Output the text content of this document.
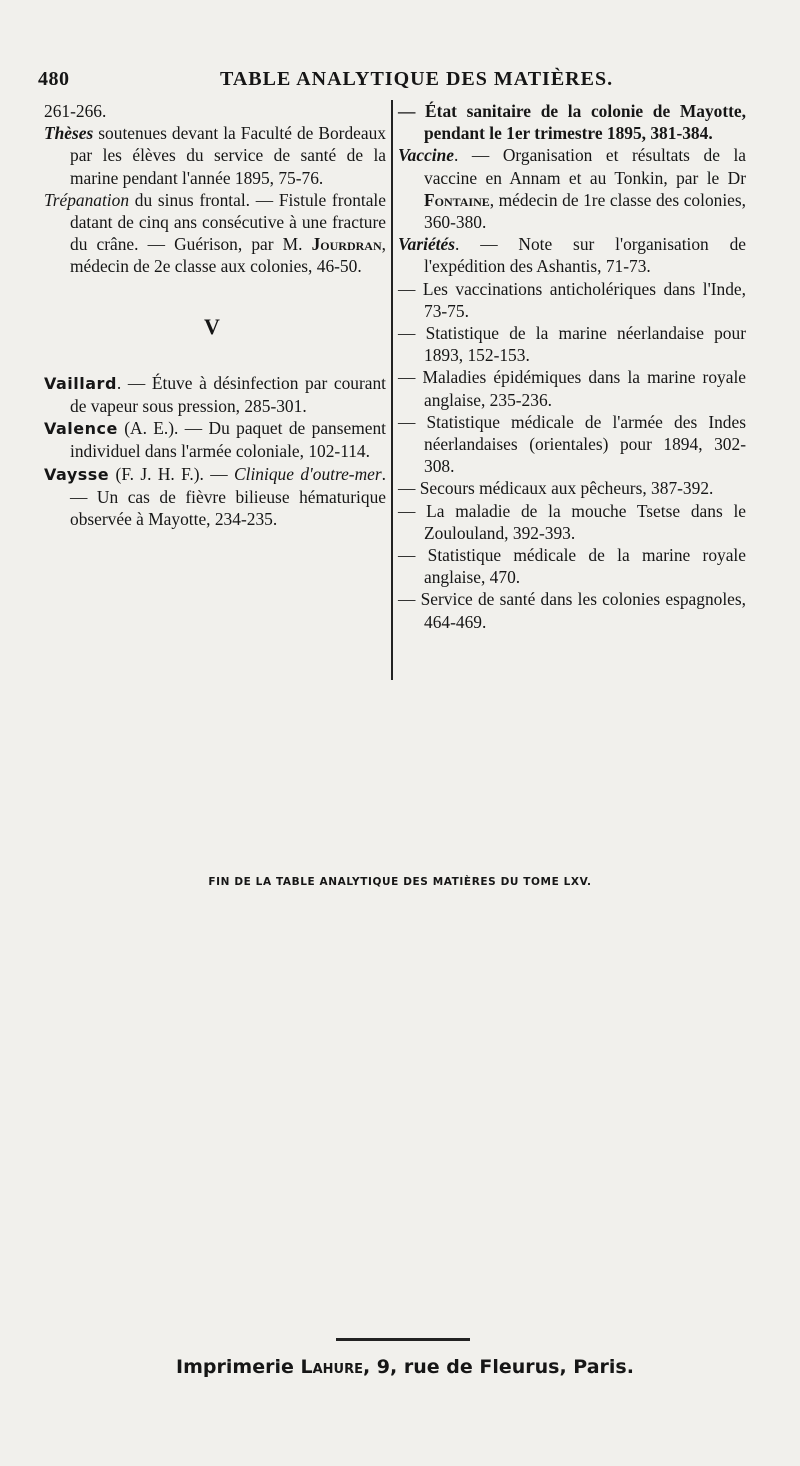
480	TABLE ANALYTIQUE DES MATIÈRES.

261-266.

Thèses soutenues devant la Faculté de Bordeaux par les élèves du service de santé de la marine pendant l'année 1895, 75-76.

Trépanation du sinus frontal. — Fistule frontale datant de cinq ans consécutive à une fracture du crâne. — Guérison, par M. Jourdran, médecin de 2e classe aux colonies, 46-50.

V

Vaillard. — Étuve à désinfection par courant de vapeur sous pression, 285-301.

Valence (A. E.). — Du paquet de pansement individuel dans l'armée coloniale, 102-114.

Vaysse (F. J. H. F.). — Clinique d'outre-mer. — Un cas de fièvre bilieuse hématurique observée à Mayotte, 234-235.

— État sanitaire de la colonie de Mayotte, pendant le 1er trimestre 1895, 381-384.

Vaccine. — Organisation et résultats de la vaccine en Annam et au Tonkin, par le Dr Fontaine, médecin de 1re classe des colonies, 360-380.

Variétés. — Note sur l'organisation de l'expédition des Ashantis, 71-73.

— Les vaccinations anticholériques dans l'Inde, 73-75.

— Statistique de la marine néerlandaise pour 1893, 152-153.

— Maladies épidémiques dans la marine royale anglaise, 235-236.

— Statistique médicale de l'armée des Indes néerlandaises (orientales) pour 1894, 302-308.

— Secours médicaux aux pêcheurs, 387-392.

— La maladie de la mouche Tsetse dans le Zoulouland, 392-393.

— Statistique médicale de la marine royale anglaise, 470.

— Service de santé dans les colonies espagnoles, 464-469.

FIN DE LA TABLE ANALYTIQUE DES MATIÈRES DU TOME LXV.
Imprimerie Lahure, 9, rue de Fleurus, Paris.
